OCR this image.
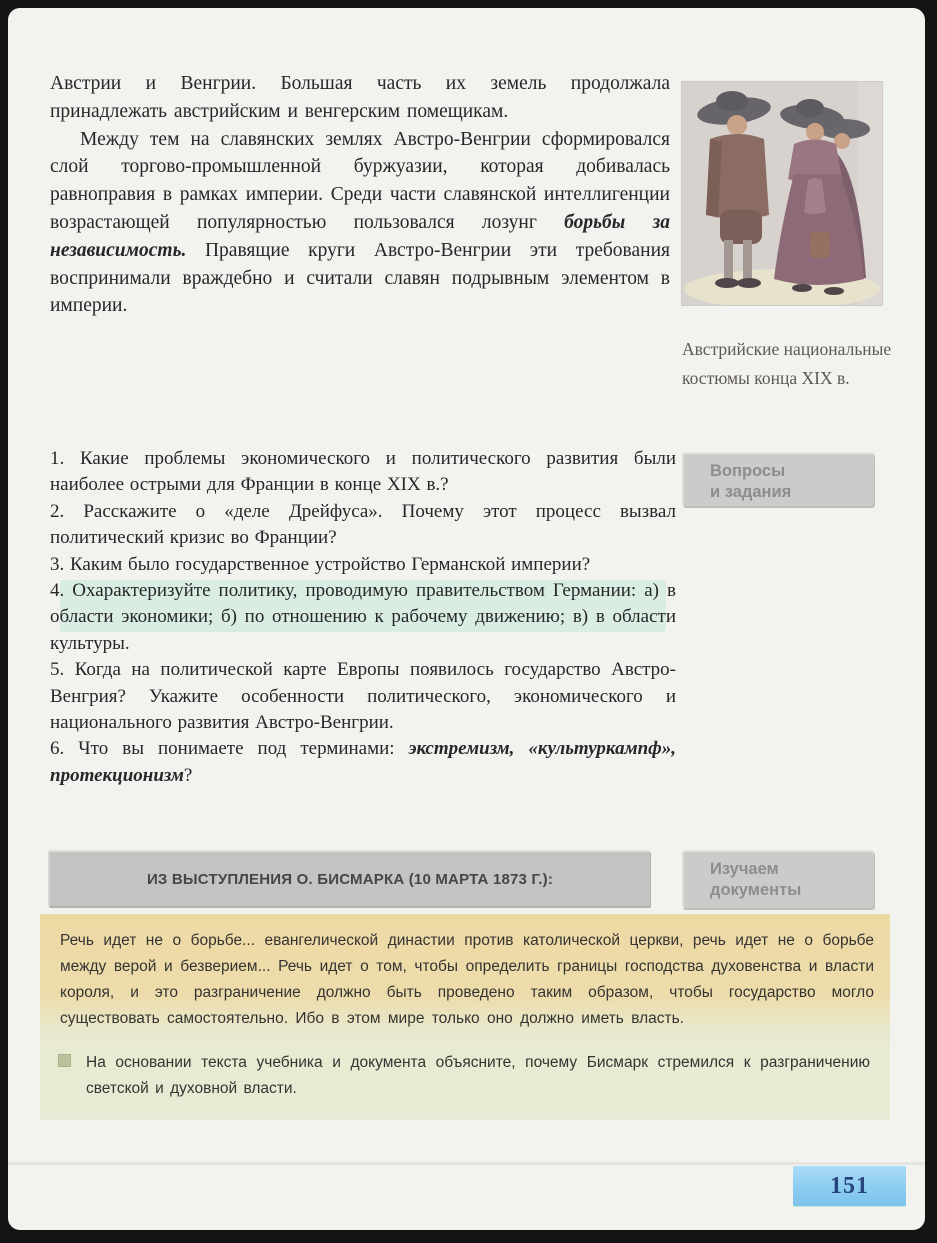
Австрии и Венгрии. Большая часть их земель продолжала принадлежать австрийским и венгерским помещикам.

Между тем на славянских землях Австро-Венгрии сформировался слой торгово-промышленной буржуазии, которая добивалась равноправия в рамках империи. Среди части славянской интеллигенции возрастающей популярностью пользовался лозунг борьбы за независимость. Правящие круги Австро-Венгрии эти требования воспринимали враждебно и считали славян подрывным элементом в империи.

Австрийские национальные костюмы конца XIX в.
Вопросы
и задания

1. Какие проблемы экономического и политического развития были наиболее острыми для Франции в конце XIX в.?

2. Расскажите о «деле Дрейфуса». Почему этот процесс вызвал политический кризис во Франции?

3. Каким было государственное устройство Германской империи?

4. Охарактеризуйте политику, проводимую правительством Германии: а) в области экономики; б) по отношению к рабочему движению; в) в области культуры.

5. Когда на политической карте Европы появилось государство Австро-Венгрия? Укажите особенности политического, экономического и национального развития Австро-Венгрии.

6. Что вы понимаете под терминами: экстремизм, «культуркампф», протекционизм?

ИЗ ВЫСТУПЛЕНИЯ О. БИСМАРКА (10 МАРТА 1873 Г.):
Изучаем
документы

Речь идет не о борьбе... евангелической династии против католической церкви, речь идет не о борьбе между верой и безверием... Речь идет о том, чтобы определить границы господства духовенства и власти короля, и это разграничение должно быть проведено таким образом, чтобы государство могло существовать самостоятельно. Ибо в этом мире только оно должно иметь власть.

На основании текста учебника и документа объясните, почему Бисмарк стремился к разграничению светской и духовной власти.

151
